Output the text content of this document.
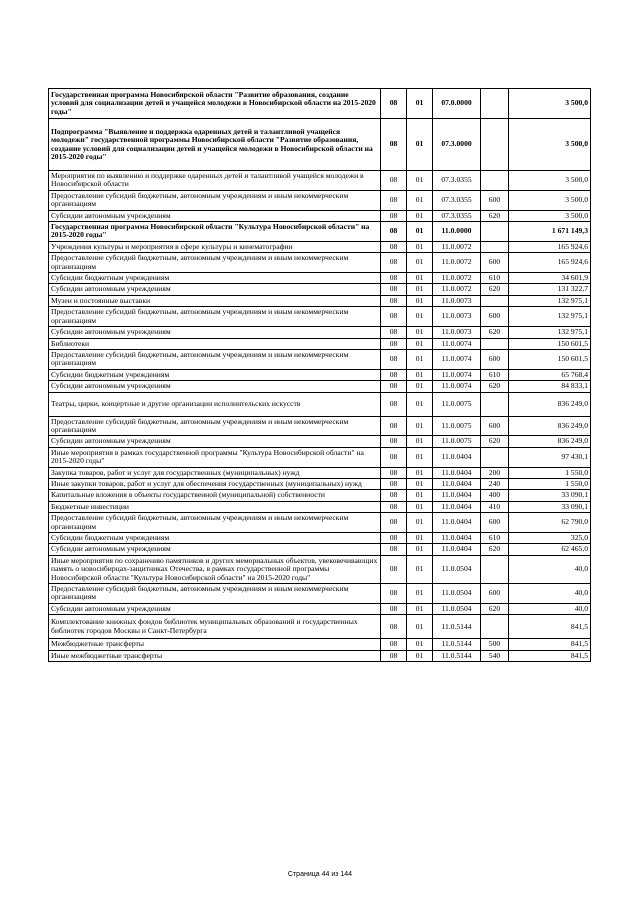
Государственная программа Новосибирской области "Развитие образования, создание условий для социализации детей и учащейся молодежи в Новосибирской области на 2015-2020 годы"	08	01	07.0.0000		3 500,0
Подпрограмма "Выявление и поддержка одаренных детей и талантливой учащейся молодежи" государственной программы Новосибирской области "Развитие образования, создание условий для социализации детей и учащейся молодежи в Новосибирской области на 2015-2020 годы"	08	01	07.3.0000		3 500,0
Мероприятия по выявлению и поддержке одаренных детей и талантливой учащейся молодежи в Новосибирской области	08	01	07.3.0355		3 500,0
Предоставление субсидий бюджетным, автономным учреждениям и иным некоммерческим организациям	08	01	07.3.0355	600	3 500,0
Субсидии автономным учреждениям	08	01	07.3.0355	620	3 500,0
Государственная программа Новосибирской области "Культура Новосибирской области" на 2015-2020 годы"	08	01	11.0.0000		1 671 149,3
Учреждения культуры и мероприятия в сфере культуры и кинематографии	08	01	11.0.0072		165 924,6
Предоставление субсидий бюджетным, автономным учреждениям и иным некоммерческим организациям	08	01	11.0.0072	600	165 924,6
Субсидии бюджетным учреждениям	08	01	11.0.0072	610	34 601,9
Субсидии автономным учреждениям	08	01	11.0.0072	620	131 322,7
Музеи и постоянные выставки	08	01	11.0.0073		132 975,1
Предоставление субсидий бюджетным, автономным учреждениям и иным некоммерческим организациям	08	01	11.0.0073	600	132 975,1
Субсидии автономным учреждениям	08	01	11.0.0073	620	132 975,1
Библиотеки	08	01	11.0.0074		150 601,5
Предоставление субсидий бюджетным, автономным учреждениям и иным некоммерческим организациям	08	01	11.0.0074	600	150 601,5
Субсидии бюджетным учреждениям	08	01	11.0.0074	610	65 768,4
Субсидии автономным учреждениям	08	01	11.0.0074	620	84 833,1
Театры, цирки, концертные и другие организации исполнительских искусств	08	01	11.0.0075		836 249,0
Предоставление субсидий бюджетным, автономным учреждениям и иным некоммерческим организациям	08	01	11.0.0075	600	836 249,0
Субсидии автономным учреждениям	08	01	11.0.0075	620	836 249,0
Иные мероприятия в рамках государственной программы "Культура Новосибирской области" на 2015-2020 годы"	08	01	11.0.0404		97 430,1
Закупка товаров, работ и услуг для государственных (муниципальных) нужд	08	01	11.0.0404	200	1 550,0
Иные закупки товаров, работ и услуг для обеспечения государственных (муниципальных) нужд	08	01	11.0.0404	240	1 550,0
Капитальные вложения в объекты государственной (муниципальной) собственности	08	01	11.0.0404	400	33 090,1
Бюджетные инвестиции	08	01	11.0.0404	410	33 090,1
Предоставление субсидий бюджетным, автономным учреждениям и иным некоммерческим организациям	08	01	11.0.0404	600	62 790,0
Субсидии бюджетным учреждениям	08	01	11.0.0404	610	325,0
Субсидии автономным учреждениям	08	01	11.0.0404	620	62 465,0
Иные мероприятия по сохранению памятников и других мемориальных объектов, увековечивающих память о новосибирцах-защитниках Отечества, в рамках государственной программы Новосибирской области "Культура Новосибирской области" на 2015-2020 годы"	08	01	11.0.0504		40,0
Предоставление субсидий бюджетным, автономным учреждениям и иным некоммерческим организациям	08	01	11.0.0504	600	40,0
Субсидии автономным учреждениям	08	01	11.0.0504	620	40,0
Комплектование книжных фондов библиотек муниципальных образований и государственных библиотек городов Москвы и Санкт-Петербурга	08	01	11.0.5144		841,5
Межбюджетные трансферты	08	01	11.0.5144	500	841,5
Иные межбюджетные трансферты	08	01	11.0.5144	540	841,5
Страница 44 из 144
